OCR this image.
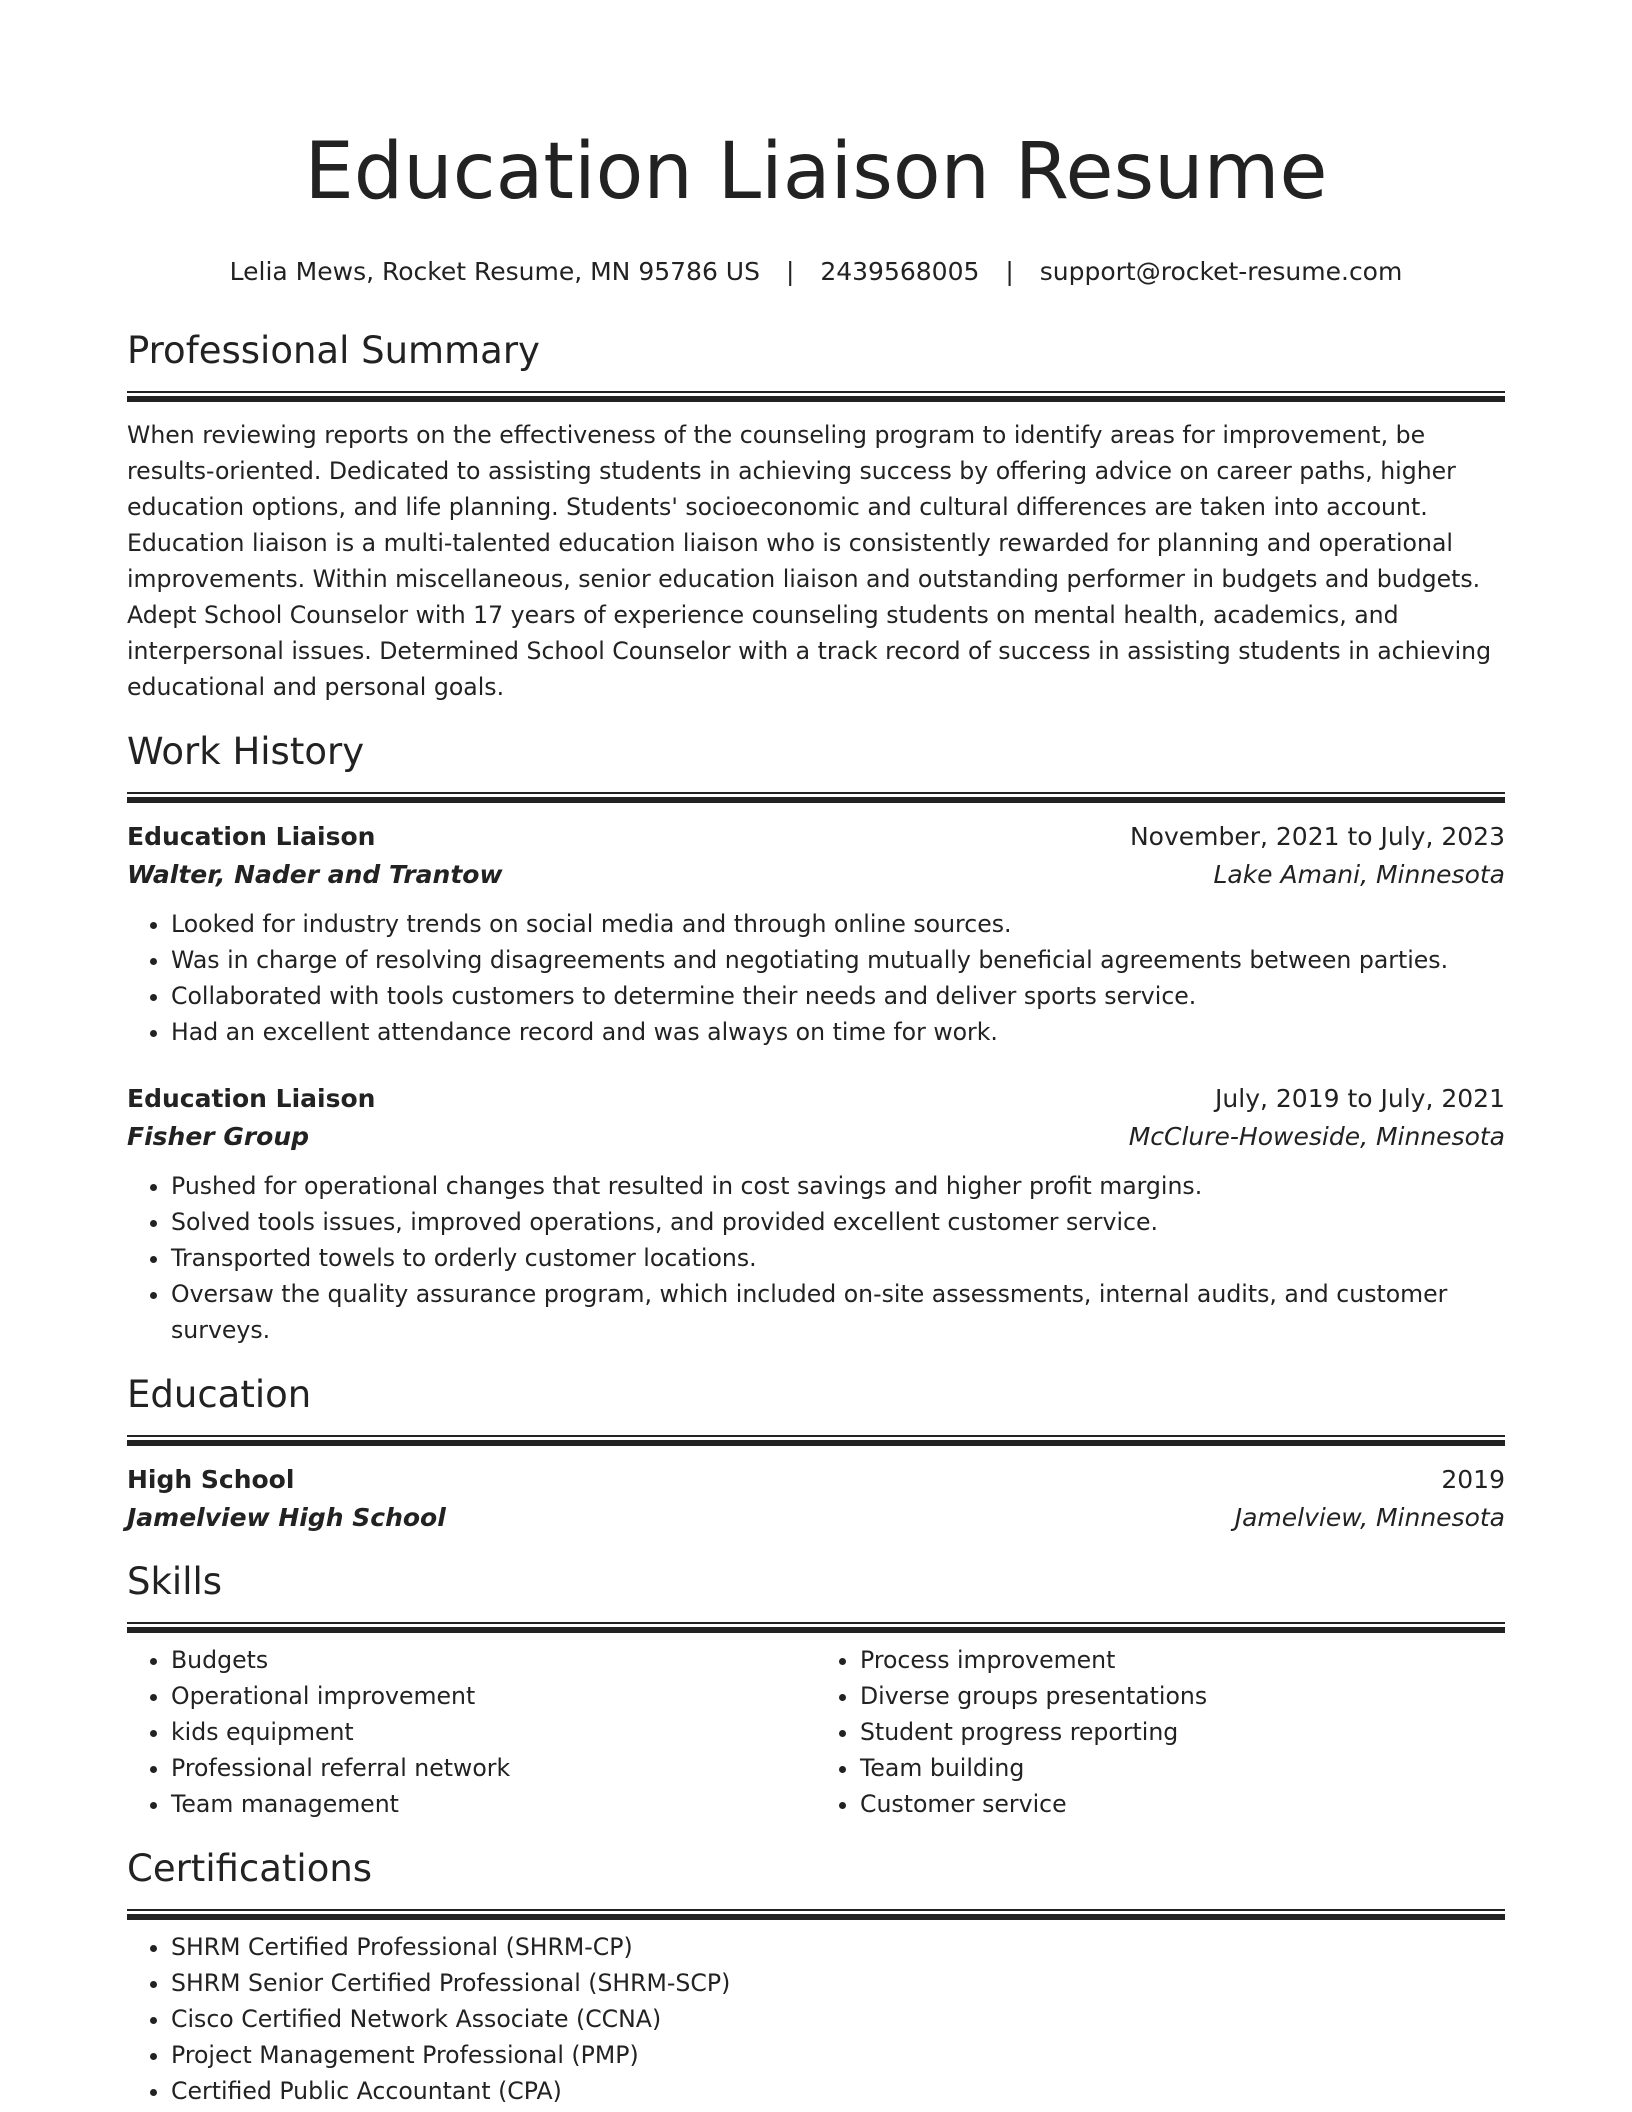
Education Liaison Resume
Lelia Mews, Rocket Resume, MN 95786 US | 2439568005 | support@rocket-resume.com
Professional Summary

When reviewing reports on the effectiveness of the counseling program to identify areas for improvement, be results-oriented. Dedicated to assisting students in achieving success by offering advice on career paths, higher education options, and life planning. Students' socioeconomic and cultural differences are taken into account. Education liaison is a multi-talented education liaison who is consistently rewarded for planning and operational improvements. Within miscellaneous, senior education liaison and outstanding performer in budgets and budgets. Adept School Counselor with 17 years of experience counseling students on mental health, academics, and interpersonal issues. Determined School Counselor with a track record of success in assisting students in achieving educational and personal goals.

Work History
Education Liaison	November, 2021 to July, 2023
Walter, Nader and Trantow	Lake Amani, Minnesota
• Looked for industry trends on social media and through online sources.
• Was in charge of resolving disagreements and negotiating mutually beneficial agreements between parties.
• Collaborated with tools customers to determine their needs and deliver sports service.
• Had an excellent attendance record and was always on time for work.
Education Liaison	July, 2019 to July, 2021
Fisher Group	McClure-Howeside, Minnesota
• Pushed for operational changes that resulted in cost savings and higher profit margins.
• Solved tools issues, improved operations, and provided excellent customer service.
• Transported towels to orderly customer locations.
• Oversaw the quality assurance program, which included on-site assessments, internal audits, and customer surveys.
Education
High School	2019
Jamelview High School	Jamelview, Minnesota
Skills
• Budgets
• Operational improvement
• kids equipment
• Professional referral network
• Team management
• Process improvement
• Diverse groups presentations
• Student progress reporting
• Team building
• Customer service
Certifications
• SHRM Certified Professional (SHRM-CP)
• SHRM Senior Certified Professional (SHRM-SCP)
• Cisco Certified Network Associate (CCNA)
• Project Management Professional (PMP)
• Certified Public Accountant (CPA)
